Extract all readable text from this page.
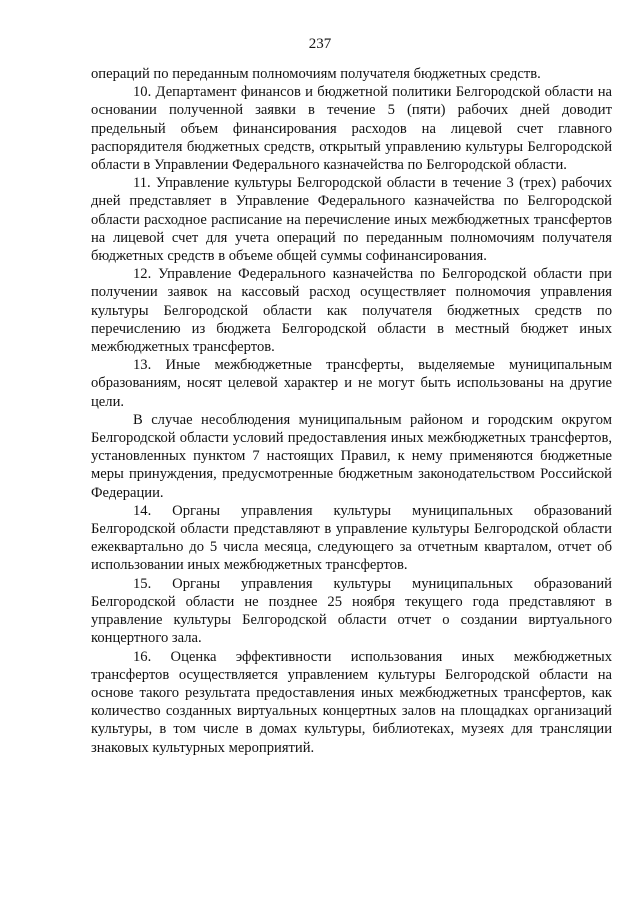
237

операций по переданным полномочиям получателя бюджетных средств.

10. Департамент финансов и бюджетной политики Белгородской области на основании полученной заявки в течение 5 (пяти) рабочих дней доводит предельный объем финансирования расходов на лицевой счет главного распорядителя бюджетных средств, открытый управлению культуры Белгородской области в Управлении Федерального казначейства по Белгородской области.

11. Управление культуры Белгородской области в течение 3 (трех) рабочих дней представляет в Управление Федерального казначейства по Белгородской области расходное расписание на перечисление иных межбюджетных трансфертов на лицевой счет для учета операций по переданным полномочиям получателя бюджетных средств в объеме общей суммы софинансирования.

12. Управление Федерального казначейства по Белгородской области при получении заявок на кассовый расход осуществляет полномочия управления культуры Белгородской области как получателя бюджетных средств по перечислению из бюджета Белгородской области в местный бюджет иных межбюджетных трансфертов.

13. Иные межбюджетные трансферты, выделяемые муниципальным образованиям, носят целевой характер и не могут быть использованы на другие цели.

В случае несоблюдения муниципальным районом и городским округом Белгородской области условий предоставления иных межбюджетных трансфертов, установленных пунктом 7 настоящих Правил, к нему применяются бюджетные меры принуждения, предусмотренные бюджетным законодательством Российской Федерации.

14. Органы управления культуры муниципальных образований Белгородской области представляют в управление культуры Белгородской области ежеквартально до 5 числа месяца, следующего за отчетным кварталом, отчет об использовании иных межбюджетных трансфертов.

15. Органы управления культуры муниципальных образований Белгородской области не позднее 25 ноября текущего года представляют в управление культуры Белгородской области отчет о создании виртуального концертного зала.

16. Оценка эффективности использования иных межбюджетных трансфертов осуществляется управлением культуры Белгородской области на основе такого результата предоставления иных межбюджетных трансфертов, как количество созданных виртуальных концертных залов на площадках организаций культуры, в том числе в домах культуры, библиотеках, музеях для трансляции знаковых культурных мероприятий.
